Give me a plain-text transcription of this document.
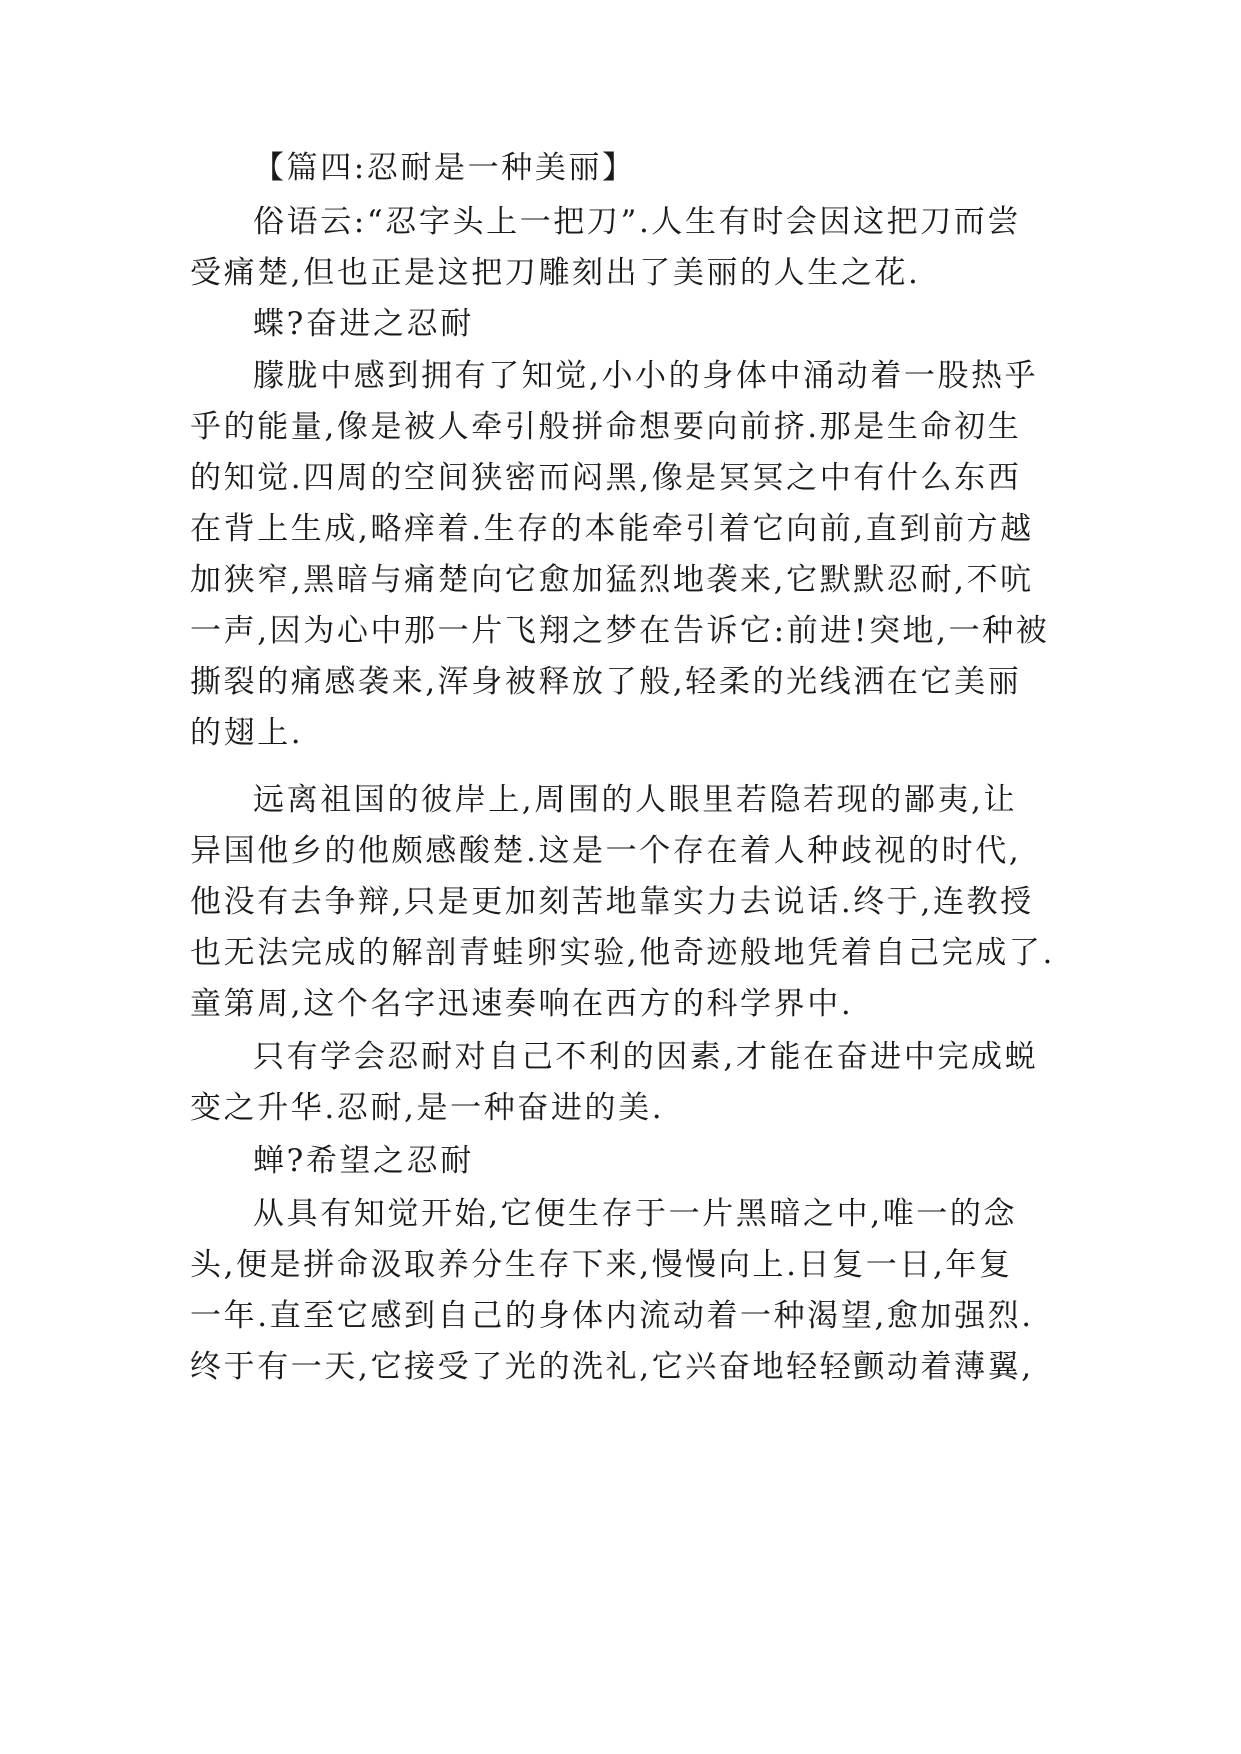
【篇四:忍耐是一种美丽】
俗语云:“忍字头上一把刀”.人生有时会因这把刀而尝
受痛楚,但也正是这把刀雕刻出了美丽的人生之花.
蝶?奋进之忍耐
朦胧中感到拥有了知觉,小小的身体中涌动着一股热乎
乎的能量,像是被人牵引般拼命想要向前挤.那是生命初生
的知觉.四周的空间狭密而闷黑,像是冥冥之中有什么东西
在背上生成,略痒着.生存的本能牵引着它向前,直到前方越
加狭窄,黑暗与痛楚向它愈加猛烈地袭来,它默默忍耐,不吭
一声,因为心中那一片飞翔之梦在告诉它:前进!突地,一种被
撕裂的痛感袭来,浑身被释放了般,轻柔的光线洒在它美丽
的翅上.
远离祖国的彼岸上,周围的人眼里若隐若现的鄙夷,让
异国他乡的他颇感酸楚.这是一个存在着人种歧视的时代,
他没有去争辩,只是更加刻苦地靠实力去说话.终于,连教授
也无法完成的解剖青蛙卵实验,他奇迹般地凭着自己完成了.
童第周,这个名字迅速奏响在西方的科学界中.
只有学会忍耐对自己不利的因素,才能在奋进中完成蜕
变之升华.忍耐,是一种奋进的美.
蝉?希望之忍耐
从具有知觉开始,它便生存于一片黑暗之中,唯一的念
头,便是拼命汲取养分生存下来,慢慢向上.日复一日,年复
一年.直至它感到自己的身体内流动着一种渴望,愈加强烈.
终于有一天,它接受了光的洗礼,它兴奋地轻轻颤动着薄翼,
